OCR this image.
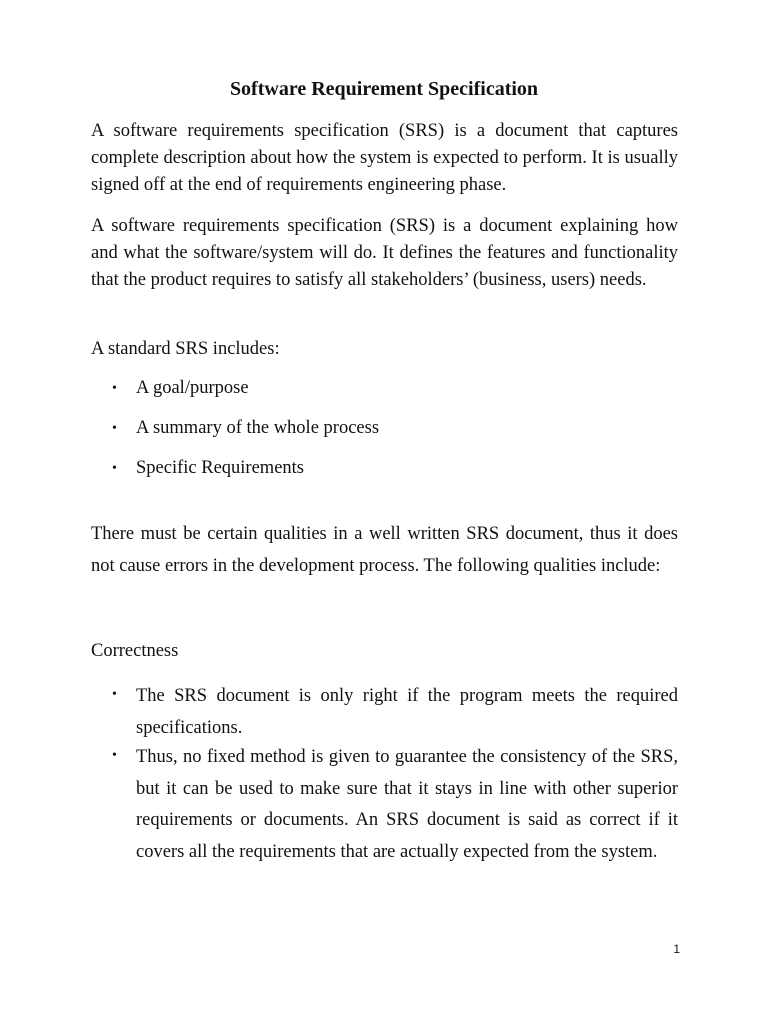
Software Requirement Specification

A software requirements specification (SRS) is a document that captures complete description about how the system is expected to perform. It is usually signed off at the end of requirements engineering phase.

A software requirements specification (SRS) is a document explaining how and what the software/system will do. It defines the features and functionality that the product requires to satisfy all stakeholders’ (business, users) needs.

A standard SRS includes:

•	A goal/purpose
•	A summary of the whole process
•	Specific Requirements

There must be certain qualities in a well written SRS document, thus it does not cause errors in the development process. The following qualities include:

Correctness

•	The SRS document is only right if the program meets the required specifications.
•	Thus, no fixed method is given to guarantee the consistency of the SRS, but it can be used to make sure that it stays in line with other superior requirements or documents. An SRS document is said as correct if it covers all the requirements that are actually expected from the system.
1
